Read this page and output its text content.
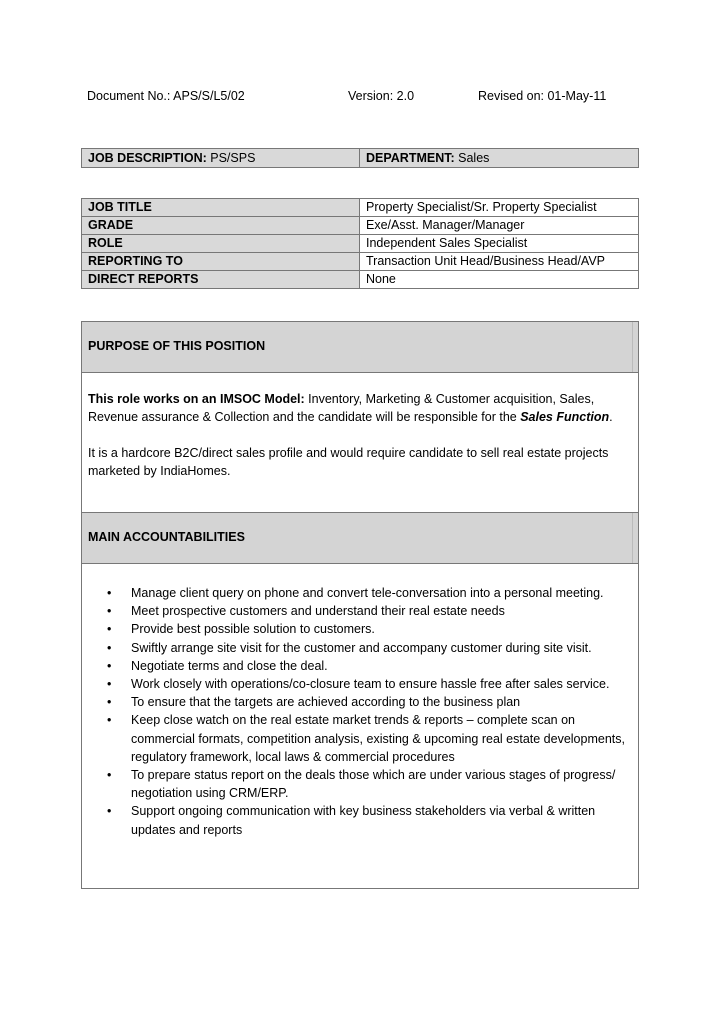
Document No.: APS/S/L5/02	Version: 2.0	Revised on: 01-May-11
JOB DESCRIPTION: PS/SPS	DEPARTMENT: Sales
JOB TITLE	Property Specialist/Sr. Property Specialist
GRADE	Exe/Asst. Manager/Manager
ROLE	Independent Sales Specialist
REPORTING TO	Transaction Unit Head/Business Head/AVP
DIRECT REPORTS	None
PURPOSE OF THIS POSITION

This role works on an IMSOC Model: Inventory, Marketing & Customer acquisition, Sales, Revenue assurance & Collection and the candidate will be responsible for the Sales Function.

It is a hardcore B2C/direct sales profile and would require candidate to sell real estate projects marketed by IndiaHomes.

MAIN ACCOUNTABILITIES
• Manage client query on phone and convert tele-conversation into a personal meeting.
• Meet prospective customers and understand their real estate needs
• Provide best possible solution to customers.
• Swiftly arrange site visit for the customer and accompany customer during site visit.
• Negotiate terms and close the deal.
• Work closely with operations/co-closure team to ensure hassle free after sales service.
• To ensure that the targets are achieved according to the business plan
• Keep close watch on the real estate market trends & reports – complete scan on commercial formats, competition analysis, existing & upcoming real estate developments, regulatory framework, local laws & commercial procedures
• To prepare status report on the deals those which are under various stages of progress/ negotiation using CRM/ERP.
• Support ongoing communication with key business stakeholders via verbal & written updates and reports
